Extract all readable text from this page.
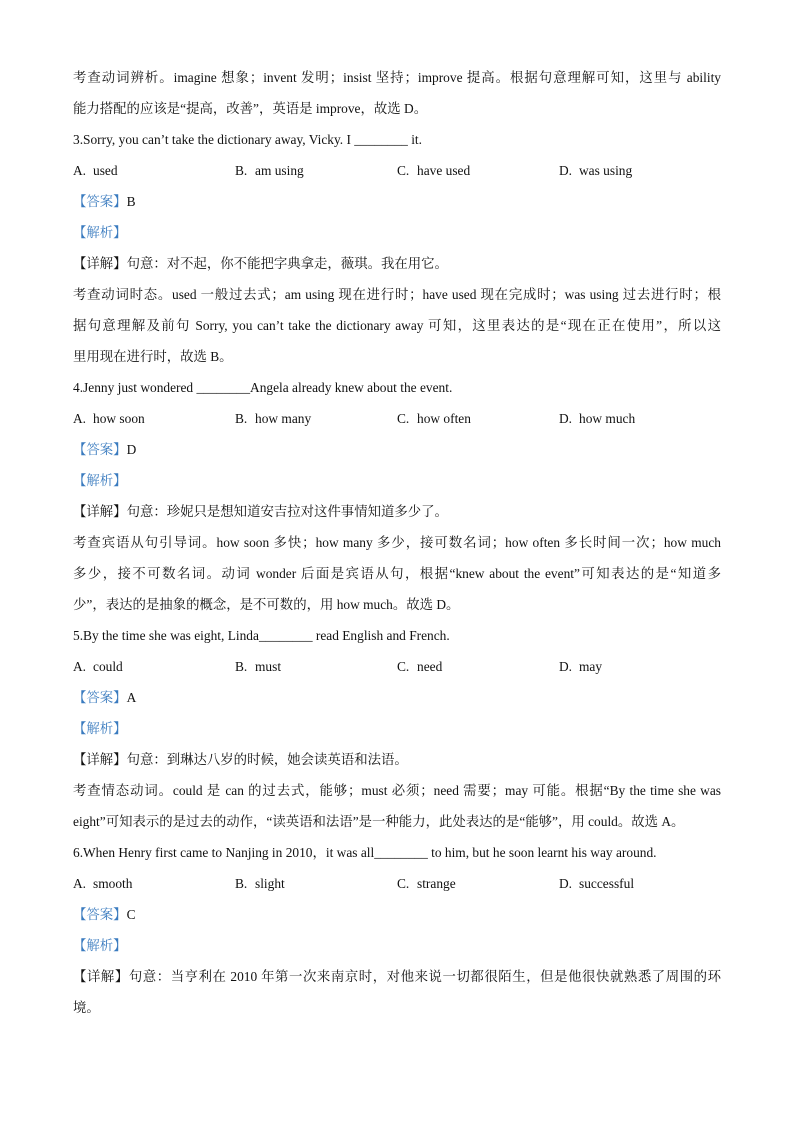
考查动词辨析。imagine 想象；invent 发明；insist 坚持；improve 提高。根据句意理解可知，这里与 ability
能力搭配的应该是“提高，改善”，英语是 improve，故选 D。
3.Sorry, you can’t take the dictionary away, Vicky. I ________ it.
A. used	B. am using	C. have used	D. was using
【答案】B
【解析】
【详解】句意：对不起，你不能把字典拿走，薇琪。我在用它。
考查动词时态。used 一般过去式；am using 现在进行时；have used 现在完成时；was using 过去进行时；根
据句意理解及前句 Sorry, you can’t take the dictionary away 可知，这里表达的是“现在正在使用”，所以这
里用现在进行时，故选 B。
4.Jenny just wondered ________Angela already knew about the event.
A. how soon	B. how many	C. how often	D. how much
【答案】D
【解析】
【详解】句意：珍妮只是想知道安吉拉对这件事情知道多少了。
考查宾语从句引导词。how soon 多快；how many 多少，接可数名词；how often 多长时间一次；how much
多少，接不可数名词。动词 wonder 后面是宾语从句，根据“knew about the event”可知表达的是“知道多
少”，表达的是抽象的概念，是不可数的，用 how much。故选 D。
5.By the time she was eight, Linda________ read English and French.
A. could	B. must	C. need	D. may
【答案】A
【解析】
【详解】句意：到琳达八岁的时候，她会读英语和法语。
考查情态动词。could 是 can 的过去式，能够；must 必须；need 需要；may 可能。根据“By the time she was
eight”可知表示的是过去的动作，“读英语和法语”是一种能力，此处表达的是“能够”，用 could。故选 A。
6.When Henry first came to Nanjing in 2010，it was all________ to him, but he soon learnt his way around.
A. smooth	B. slight	C. strange	D. successful
【答案】C
【解析】
【详解】句意：当亨利在 2010 年第一次来南京时，对他来说一切都很陌生，但是他很快就熟悉了周围的环
境。
